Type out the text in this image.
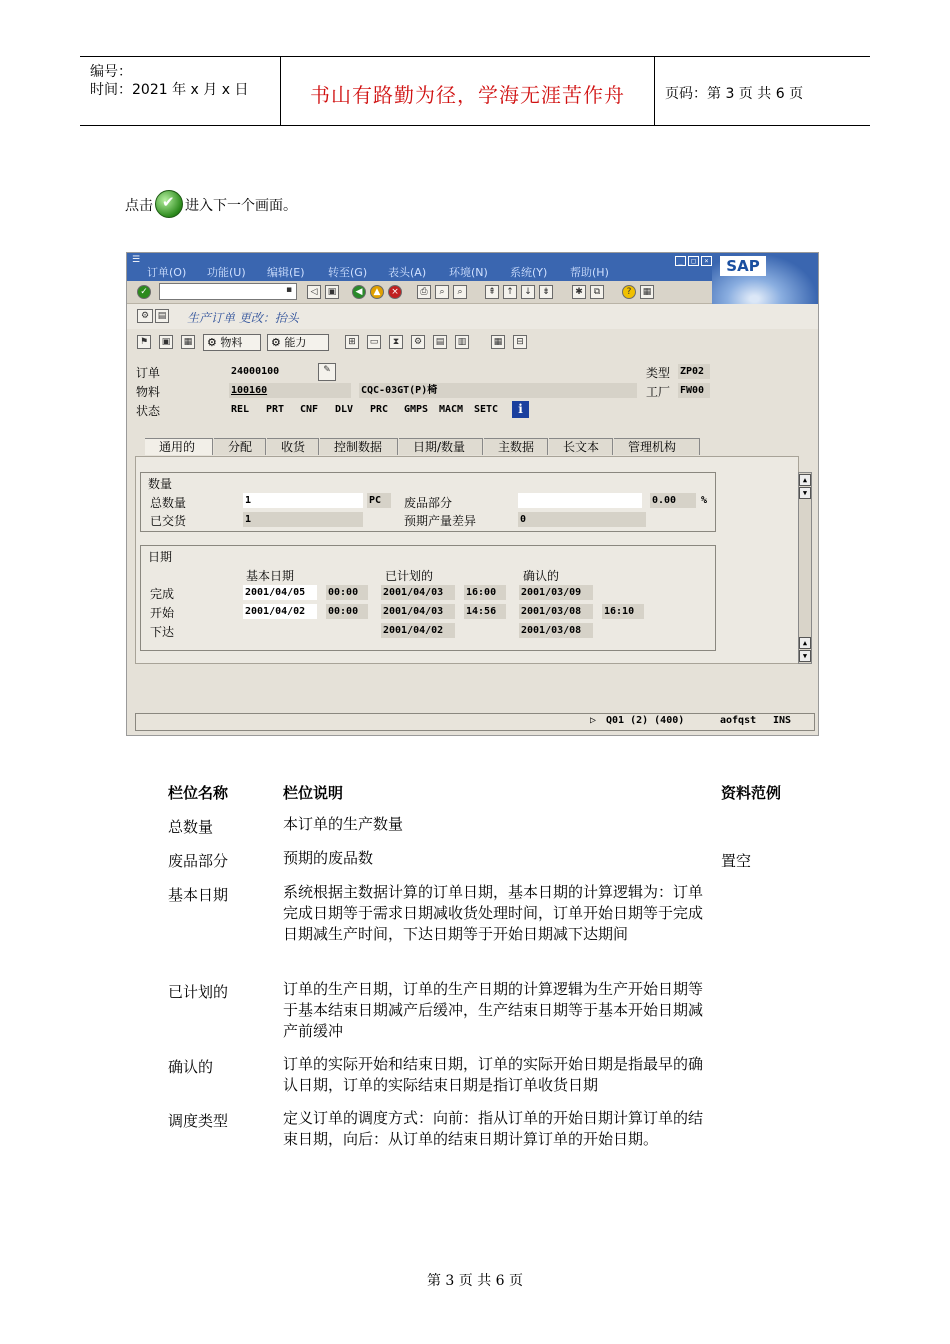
编号：
时间：2021 年 x 月 x 日	书山有路勤为径，学海无涯苦作舟	页码：第 3 页 共 6 页
点击✔ 进入下一个画面。
☰
订单(O) 功能(U) 编辑(E) 转至(G) 表头(A) 环境(N) 系统(Y) 帮助(H)
_	□	×	SAP
✓	▪	◁	▣	◀	▲	×	⎙	⌕	⌕	⇞	↑	↓	⇟	✱	⧉	?	▦
⚙ ▤ 生产订单 更改：抬头
⚑	▣	▦	⚙ 物料	⚙ 能力	⊞	▭	⧗	⚙	▤	▥	▦	⊟
订单	24000100	✎	类型 ZP02
物料	100160	CQC-03GT(P)椅	工厂 FW00
状态	REL PRT CNF DLV PRC GMPS MACM SETC	i
通用的	分配	收货	控制数据	日期/数量	主数据	长文本	管理机构
数量
总数量	1	PC	废品部分	0.00	%
已交货	1	预期产量差异	0
日期
基本日期	已计划的	确认的
完成	2001/04/05	00:00	2001/04/03	16:00	2001/03/09
开始	2001/04/02	00:00	2001/04/03	14:56	2001/03/08	16:10
下达	2001/04/02	2001/03/08
▲
▼
▲
▼
▷ Q01 (2) (400)	aofqst INS
栏位名称	栏位说明	资料范例
总数量	本订单的生产数量
废品部分	预期的废品数	置空
基本日期	系统根据主数据计算的订单日期，基本日期的计算逻辑为：订单完成日期等于需求日期减收货处理时间，订单开始日期等于完成日期减生产时间，下达日期等于开始日期减下达期间
已计划的	订单的生产日期，订单的生产日期的计算逻辑为生产开始日期等于基本结束日期减产后缓冲，生产结束日期等于基本开始日期减产前缓冲
确认的	订单的实际开始和结束日期，订单的实际开始日期是指最早的确认日期，订单的实际结束日期是指订单收货日期
调度类型	定义订单的调度方式：向前：指从订单的开始日期计算订单的结束日期，向后：从订单的结束日期计算订单的开始日期。
第 3 页 共 6 页
